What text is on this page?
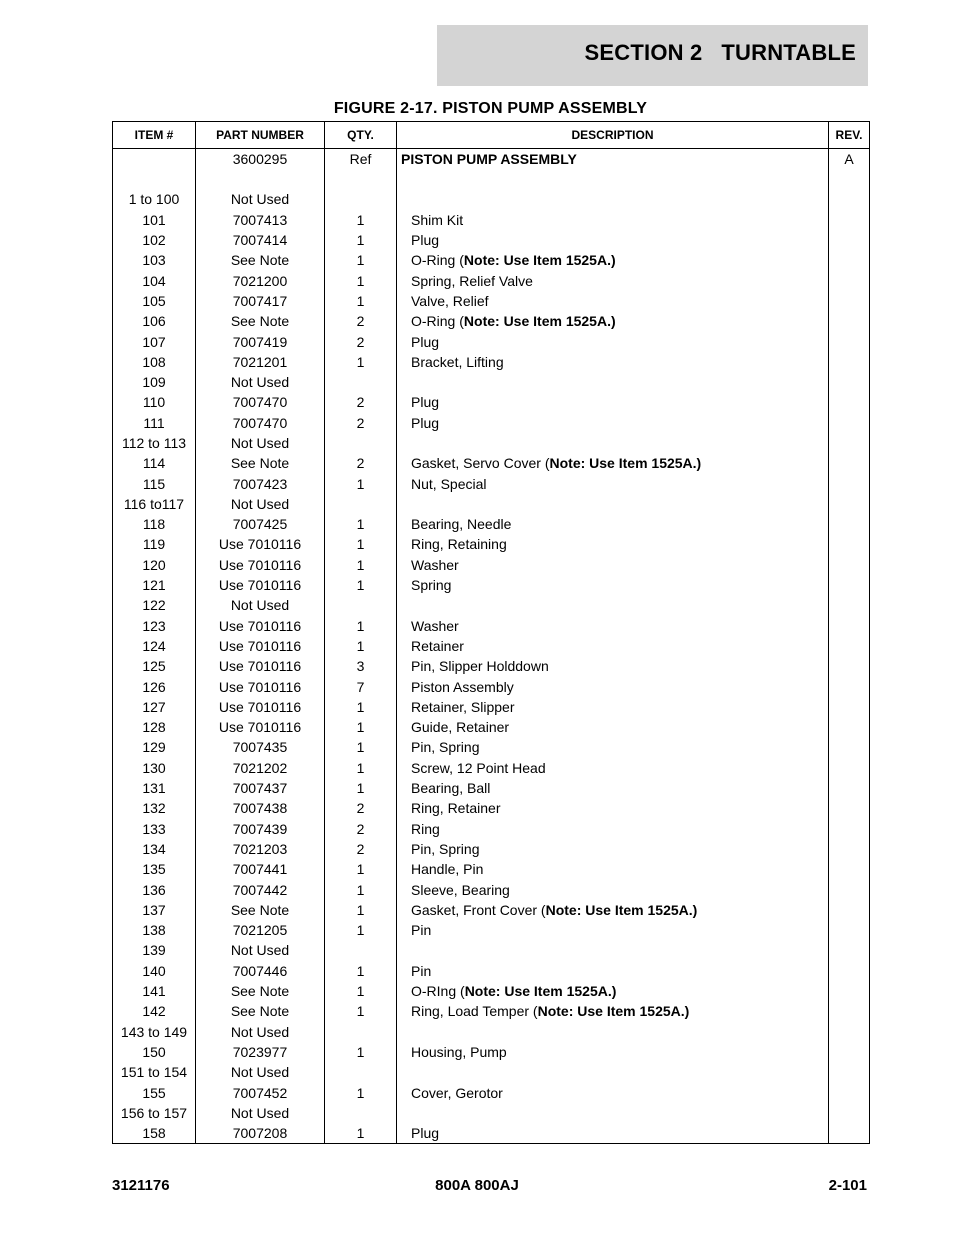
SECTION 2   TURNTABLE
FIGURE 2-17. PISTON PUMP ASSEMBLY
ITEM #	PART NUMBER	QTY.	DESCRIPTION	REV.
	3600295	Ref	PISTON PUMP ASSEMBLY	A

1 to 100	Not Used			
101	7007413	1	Shim Kit	
102	7007414	1	Plug	
103	See Note	1	O-Ring (Note: Use Item 1525A.)	
104	7021200	1	Spring, Relief Valve	
105	7007417	1	Valve, Relief	
106	See Note	2	O-Ring (Note: Use Item 1525A.)	
107	7007419	2	Plug	
108	7021201	1	Bracket, Lifting	
109	Not Used			
110	7007470	2	Plug	
111	7007470	2	Plug	
112 to 113	Not Used			
114	See Note	2	Gasket, Servo Cover (Note: Use Item 1525A.)	
115	7007423	1	Nut, Special	
116 to117	Not Used			
118	7007425	1	Bearing, Needle	
119	Use 7010116	1	Ring, Retaining	
120	Use 7010116	1	Washer	
121	Use 7010116	1	Spring	
122	Not Used			
123	Use 7010116	1	Washer	
124	Use 7010116	1	Retainer	
125	Use 7010116	3	Pin, Slipper Holddown	
126	Use 7010116	7	Piston Assembly	
127	Use 7010116	1	Retainer, Slipper	
128	Use 7010116	1	Guide, Retainer	
129	7007435	1	Pin, Spring	
130	7021202	1	Screw, 12 Point Head	
131	7007437	1	Bearing, Ball	
132	7007438	2	Ring, Retainer	
133	7007439	2	Ring	
134	7021203	2	Pin, Spring	
135	7007441	1	Handle, Pin	
136	7007442	1	Sleeve, Bearing	
137	See Note	1	Gasket, Front Cover (Note: Use Item 1525A.)	
138	7021205	1	Pin	
139	Not Used			
140	7007446	1	Pin	
141	See Note	1	O-RIng (Note: Use Item 1525A.)	
142	See Note	1	Ring, Load Temper (Note: Use Item 1525A.)	
143 to 149	Not Used			
150	7023977	1	Housing, Pump	
151 to 154	Not Used			
155	7007452	1	Cover, Gerotor	
156 to 157	Not Used			
158	7007208	1	Plug	
3121176	800A 800AJ	2-101
